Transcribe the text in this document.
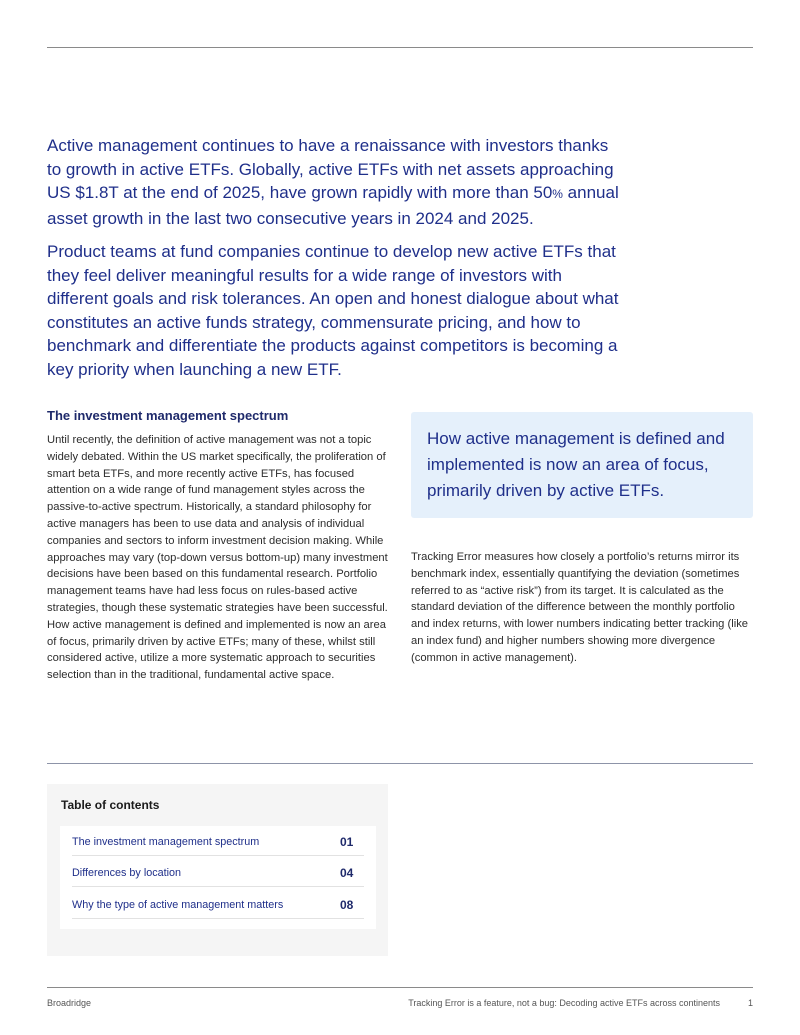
Active management continues to have a renaissance with investors thanks to growth in active ETFs. Globally, active ETFs with net assets approaching US $1.8T at the end of 2025, have grown rapidly with more than 50% annual asset growth in the last two consecutive years in 2024 and 2025.

Product teams at fund companies continue to develop new active ETFs that they feel deliver meaningful results for a wide range of investors with different goals and risk tolerances. An open and honest dialogue about what constitutes an active funds strategy, commensurate pricing, and how to benchmark and differentiate the products against competitors is becoming a key priority when launching a new ETF.

The investment management spectrum

Until recently, the definition of active management was not a topic widely debated. Within the US market specifically, the proliferation of smart beta ETFs, and more recently active ETFs, has focused attention on a wide range of fund management styles across the passive-to-active spectrum. Historically, a standard philosophy for active managers has been to use data and analysis of individual companies and sectors to inform investment decision making. While approaches may vary (top-down versus bottom-up) many investment decisions have been based on this fundamental research. Portfolio management teams have had less focus on rules-based active strategies, though these systematic strategies have been successful. How active management is defined and implemented is now an area of focus, primarily driven by active ETFs; many of these, whilst still considered active, utilize a more systematic approach to securities selection than in the traditional, fundamental active space.

How active management is defined and implemented is now an area of focus, primarily driven by active ETFs.

Tracking Error measures how closely a portfolio’s returns mirror its benchmark index, essentially quantifying the deviation (sometimes referred to as “active risk”) from its target. It is calculated as the standard deviation of the difference between the monthly portfolio and index returns, with lower numbers indicating better tracking (like an index fund) and higher numbers showing more divergence (common in active management).

Table of contents
The investment management spectrum	01
Differences by location	04
Why the type of active management matters	08
Broadridge	Tracking Error is a feature, not a bug: Decoding active ETFs across continents	1
